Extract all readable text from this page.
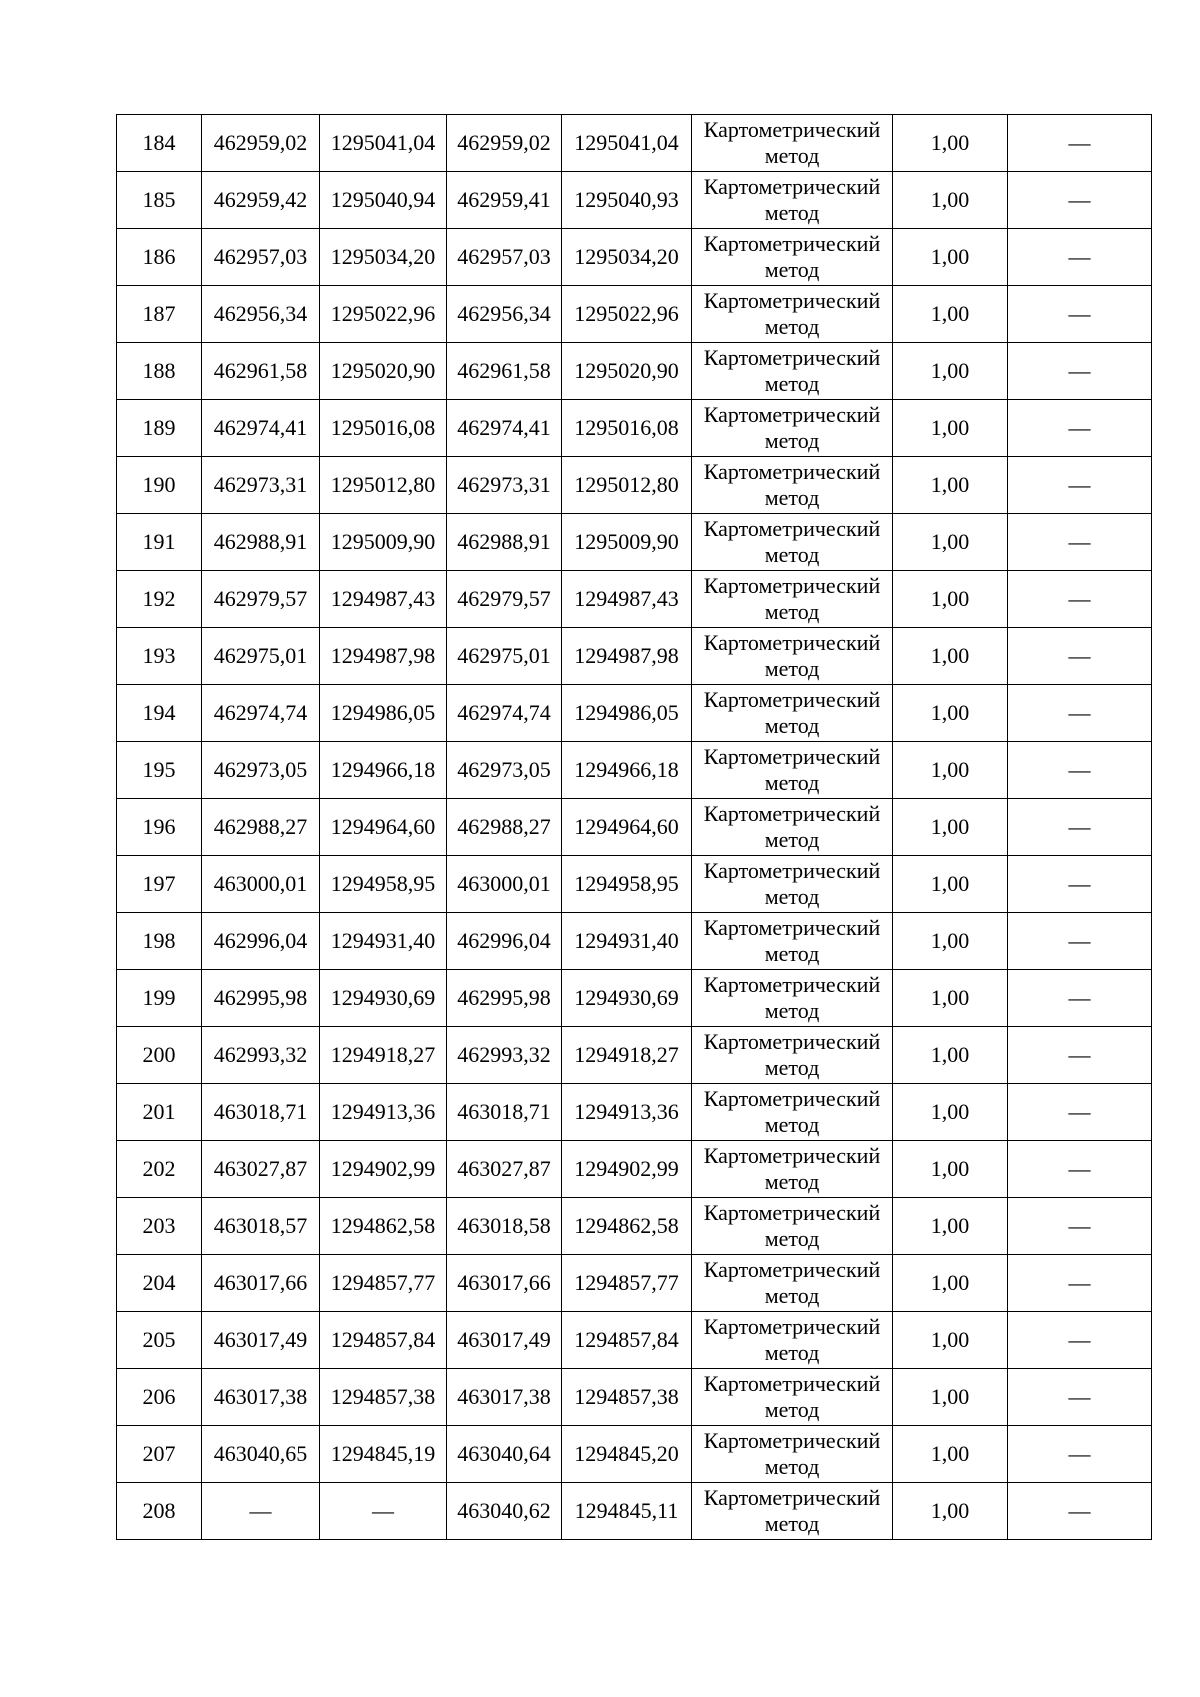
184	462959,02	1295041,04	462959,02	1295041,04	Картометрический
метод	1,00	—
185	462959,42	1295040,94	462959,41	1295040,93	Картометрический
метод	1,00	—
186	462957,03	1295034,20	462957,03	1295034,20	Картометрический
метод	1,00	—
187	462956,34	1295022,96	462956,34	1295022,96	Картометрический
метод	1,00	—
188	462961,58	1295020,90	462961,58	1295020,90	Картометрический
метод	1,00	—
189	462974,41	1295016,08	462974,41	1295016,08	Картометрический
метод	1,00	—
190	462973,31	1295012,80	462973,31	1295012,80	Картометрический
метод	1,00	—
191	462988,91	1295009,90	462988,91	1295009,90	Картометрический
метод	1,00	—
192	462979,57	1294987,43	462979,57	1294987,43	Картометрический
метод	1,00	—
193	462975,01	1294987,98	462975,01	1294987,98	Картометрический
метод	1,00	—
194	462974,74	1294986,05	462974,74	1294986,05	Картометрический
метод	1,00	—
195	462973,05	1294966,18	462973,05	1294966,18	Картометрический
метод	1,00	—
196	462988,27	1294964,60	462988,27	1294964,60	Картометрический
метод	1,00	—
197	463000,01	1294958,95	463000,01	1294958,95	Картометрический
метод	1,00	—
198	462996,04	1294931,40	462996,04	1294931,40	Картометрический
метод	1,00	—
199	462995,98	1294930,69	462995,98	1294930,69	Картометрический
метод	1,00	—
200	462993,32	1294918,27	462993,32	1294918,27	Картометрический
метод	1,00	—
201	463018,71	1294913,36	463018,71	1294913,36	Картометрический
метод	1,00	—
202	463027,87	1294902,99	463027,87	1294902,99	Картометрический
метод	1,00	—
203	463018,57	1294862,58	463018,58	1294862,58	Картометрический
метод	1,00	—
204	463017,66	1294857,77	463017,66	1294857,77	Картометрический
метод	1,00	—
205	463017,49	1294857,84	463017,49	1294857,84	Картометрический
метод	1,00	—
206	463017,38	1294857,38	463017,38	1294857,38	Картометрический
метод	1,00	—
207	463040,65	1294845,19	463040,64	1294845,20	Картометрический
метод	1,00	—
208	—	—	463040,62	1294845,11	Картометрический
метод	1,00	—
